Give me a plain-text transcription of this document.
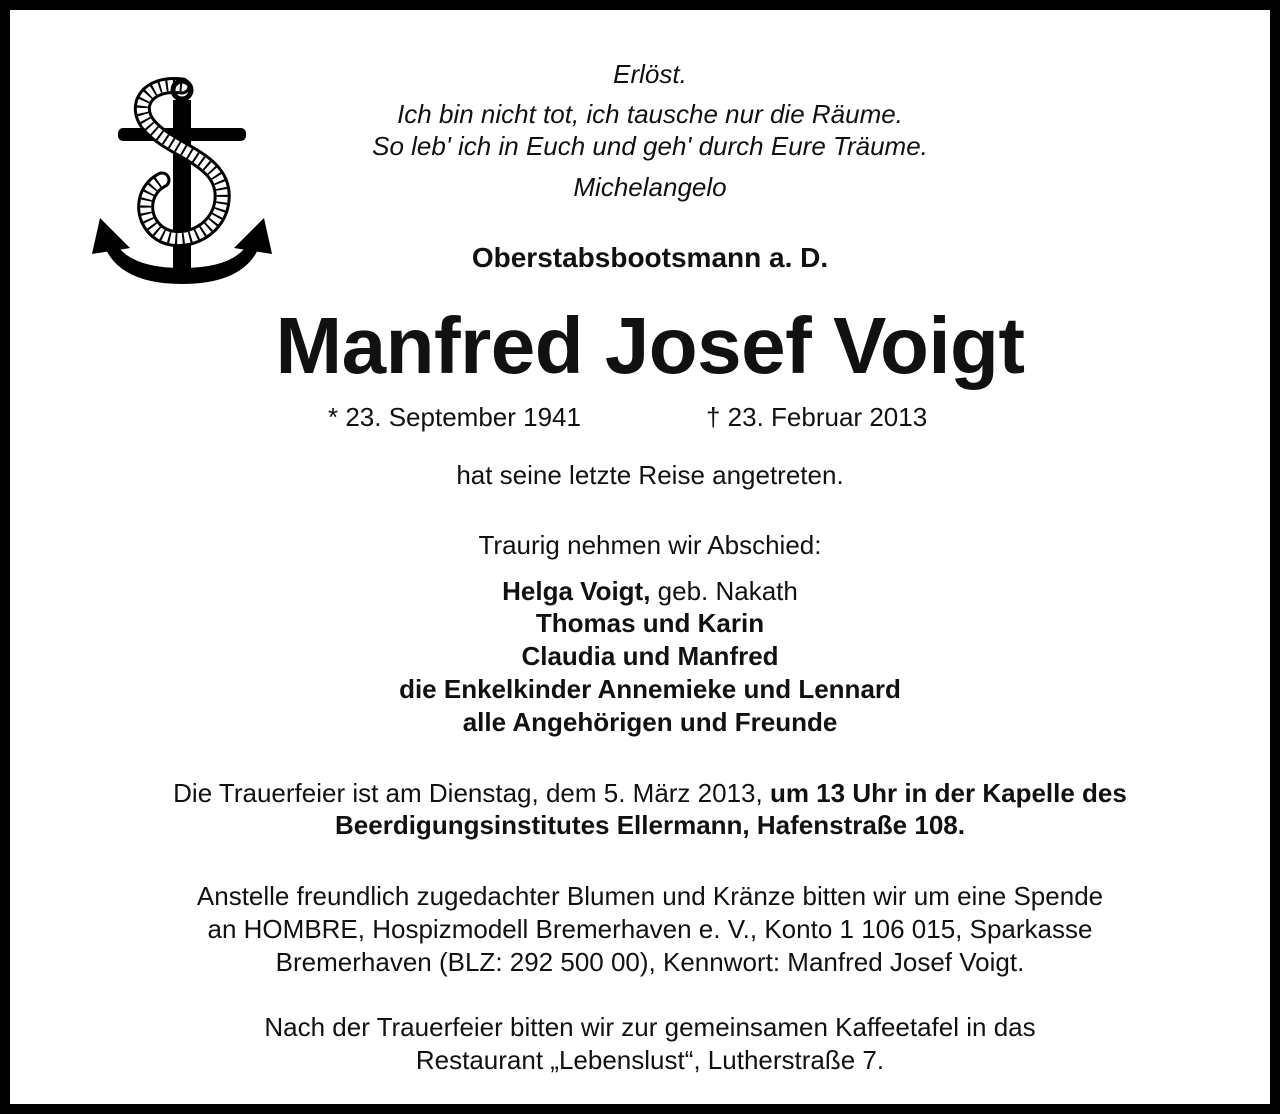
Erlöst.
Ich bin nicht tot, ich tausche nur die Räume.
So leb' ich in Euch und geh' durch Eure Träume.
Michelangelo
Oberstabsbootsmann a. D.
Manfred Josef Voigt
* 23. September 1941	† 23. Februar 2013
hat seine letzte Reise angetreten.
Traurig nehmen wir Abschied:
Helga Voigt, geb. Nakath
Thomas und Karin
Claudia und Manfred
die Enkelkinder Annemieke und Lennard
alle Angehörigen und Freunde
Die Trauerfeier ist am Dienstag, dem 5. März 2013, um 13 Uhr in der Kapelle des
Beerdigungsinstitutes Ellermann, Hafenstraße 108.
Anstelle freundlich zugedachter Blumen und Kränze bitten wir um eine Spende
an HOMBRE, Hospizmodell Bremerhaven e. V., Konto 1 106 015, Sparkasse
Bremerhaven (BLZ: 292 500 00), Kennwort: Manfred Josef Voigt.
Nach der Trauerfeier bitten wir zur gemeinsamen Kaffeetafel in das
Restaurant „Lebenslust“, Lutherstraße 7.
